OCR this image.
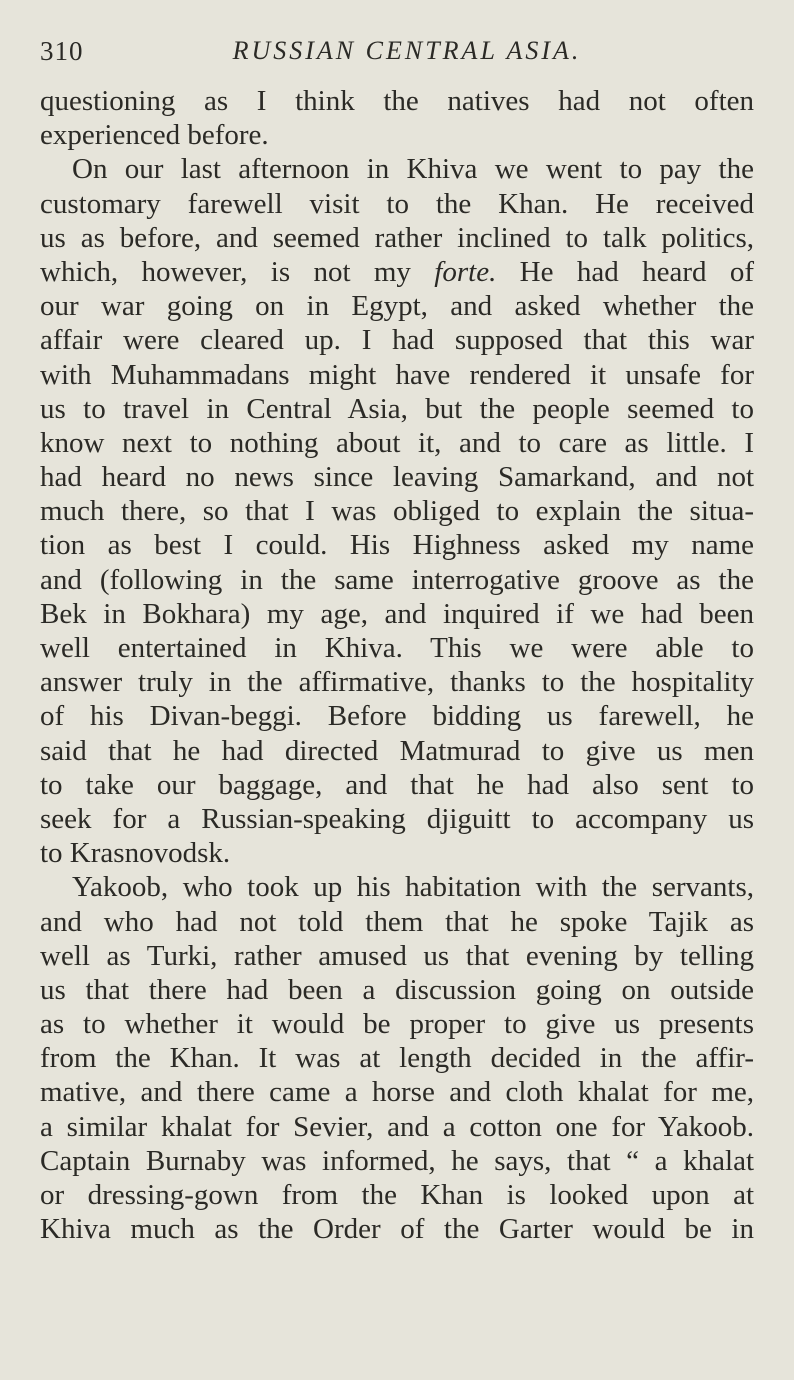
310	RUSSIAN CENTRAL ASIA.
questioning as I think the natives had not often
experienced before.
On our last afternoon in Khiva we went to pay the
customary farewell visit to the Khan. He received
us as before, and seemed rather inclined to talk politics,
which, however, is not my forte. He had heard of
our war going on in Egypt, and asked whether the
affair were cleared up. I had supposed that this war
with Muhammadans might have rendered it unsafe for
us to travel in Central Asia, but the people seemed to
know next to nothing about it, and to care as little. I
had heard no news since leaving Samarkand, and not
much there, so that I was obliged to explain the situa-
tion as best I could. His Highness asked my name
and (following in the same interrogative groove as the
Bek in Bokhara) my age, and inquired if we had been
well entertained in Khiva. This we were able to
answer truly in the affirmative, thanks to the hospitality
of his Divan-beggi. Before bidding us farewell, he
said that he had directed Matmurad to give us men
to take our baggage, and that he had also sent to
seek for a Russian-speaking djiguitt to accompany us
to Krasnovodsk.
Yakoob, who took up his habitation with the servants,
and who had not told them that he spoke Tajik as
well as Turki, rather amused us that evening by telling
us that there had been a discussion going on outside
as to whether it would be proper to give us presents
from the Khan. It was at length decided in the affir-
mative, and there came a horse and cloth khalat for me,
a similar khalat for Sevier, and a cotton one for Yakoob.
Captain Burnaby was informed, he says, that “ a khalat
or dressing-gown from the Khan is looked upon at
Khiva much as the Order of the Garter would be in
